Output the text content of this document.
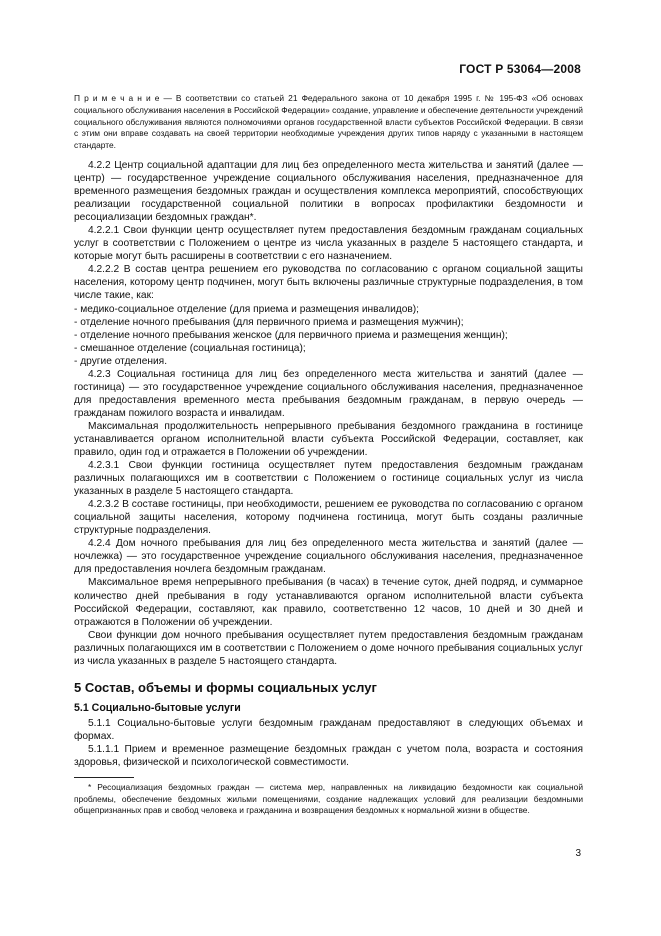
ГОСТ Р 53064—2008

П р и м е ч а н и е — В соответствии со статьей 21 Федерального закона от 10 декабря 1995 г. № 195-ФЗ «Об основах социального обслуживания населения в Российской Федерации» создание, управление и обеспечение деятельности учреждений социального обслуживания являются полномочиями органов государственной власти субъектов Российской Федерации. В связи с этим они вправе создавать на своей территории необходимые учреждения других типов наряду с указанными в настоящем стандарте.

4.2.2 Центр социальной адаптации для лиц без определенного места жительства и занятий (далее — центр) — государственное учреждение социального обслуживания населения, предназначенное для временного размещения бездомных граждан и осуществления комплекса мероприятий, способствующих реализации государственной социальной политики в вопросах профилактики бездомности и ресоциализации бездомных граждан*.

4.2.2.1 Свои функции центр осуществляет путем предоставления бездомным гражданам социальных услуг в соответствии с Положением о центре из числа указанных в разделе 5 настоящего стандарта, и которые могут быть расширены в соответствии с его назначением.

4.2.2.2 В состав центра решением его руководства по согласованию с органом социальной защиты населения, которому центр подчинен, могут быть включены различные структурные подразделения, в том числе такие, как:

- медико-социальное отделение (для приема и размещения инвалидов);
- отделение ночного пребывания (для первичного приема и размещения мужчин);
- отделение ночного пребывания женское (для первичного приема и размещения женщин);
- смешанное отделение (социальная гостиница);
- другие отделения.

4.2.3 Социальная гостиница для лиц без определенного места жительства и занятий (далее — гостиница) — это государственное учреждение социального обслуживания населения, предназначенное для предоставления временного места пребывания бездомным гражданам, в первую очередь — гражданам пожилого возраста и инвалидам.

Максимальная продолжительность непрерывного пребывания бездомного гражданина в гостинице устанавливается органом исполнительной власти субъекта Российской Федерации, составляет, как правило, один год и отражается в Положении об учреждении.

4.2.3.1 Свои функции гостиница осуществляет путем предоставления бездомным гражданам различных полагающихся им в соответствии с Положением о гостинице социальных услуг из числа указанных в разделе 5 настоящего стандарта.

4.2.3.2 В составе гостиницы, при необходимости, решением ее руководства по согласованию с органом социальной защиты населения, которому подчинена гостиница, могут быть созданы различные структурные подразделения.

4.2.4 Дом ночного пребывания для лиц без определенного места жительства и занятий (далее — ночлежка) — это государственное учреждение социального обслуживания населения, предназначенное для предоставления ночлега бездомным гражданам.

Максимальное время непрерывного пребывания (в часах) в течение суток, дней подряд, и суммарное количество дней пребывания в году устанавливаются органом исполнительной власти субъекта Российской Федерации, составляют, как правило, соответственно 12 часов, 10 дней и 30 дней и отражаются в Положении об учреждении.

Свои функции дом ночного пребывания осуществляет путем предоставления бездомным гражданам различных полагающихся им в соответствии с Положением о доме ночного пребывания социальных услуг из числа указанных в разделе 5 настоящего стандарта.

5 Состав, объемы и формы социальных услуг
5.1 Социально-бытовые услуги

5.1.1 Социально-бытовые услуги бездомным гражданам предоставляют в следующих объемах и формах.

5.1.1.1 Прием и временное размещение бездомных граждан с учетом пола, возраста и состояния здоровья, физической и психологической совместимости.

* Ресоциализация бездомных граждан — система мер, направленных на ликвидацию бездомности как социальной проблемы, обеспечение бездомных жильми помещениями, создание надлежащих условий для реализации бездомными общепризнанных прав и свобод человека и гражданина и возвращения бездомных к нормальной жизни в обществе.

3
